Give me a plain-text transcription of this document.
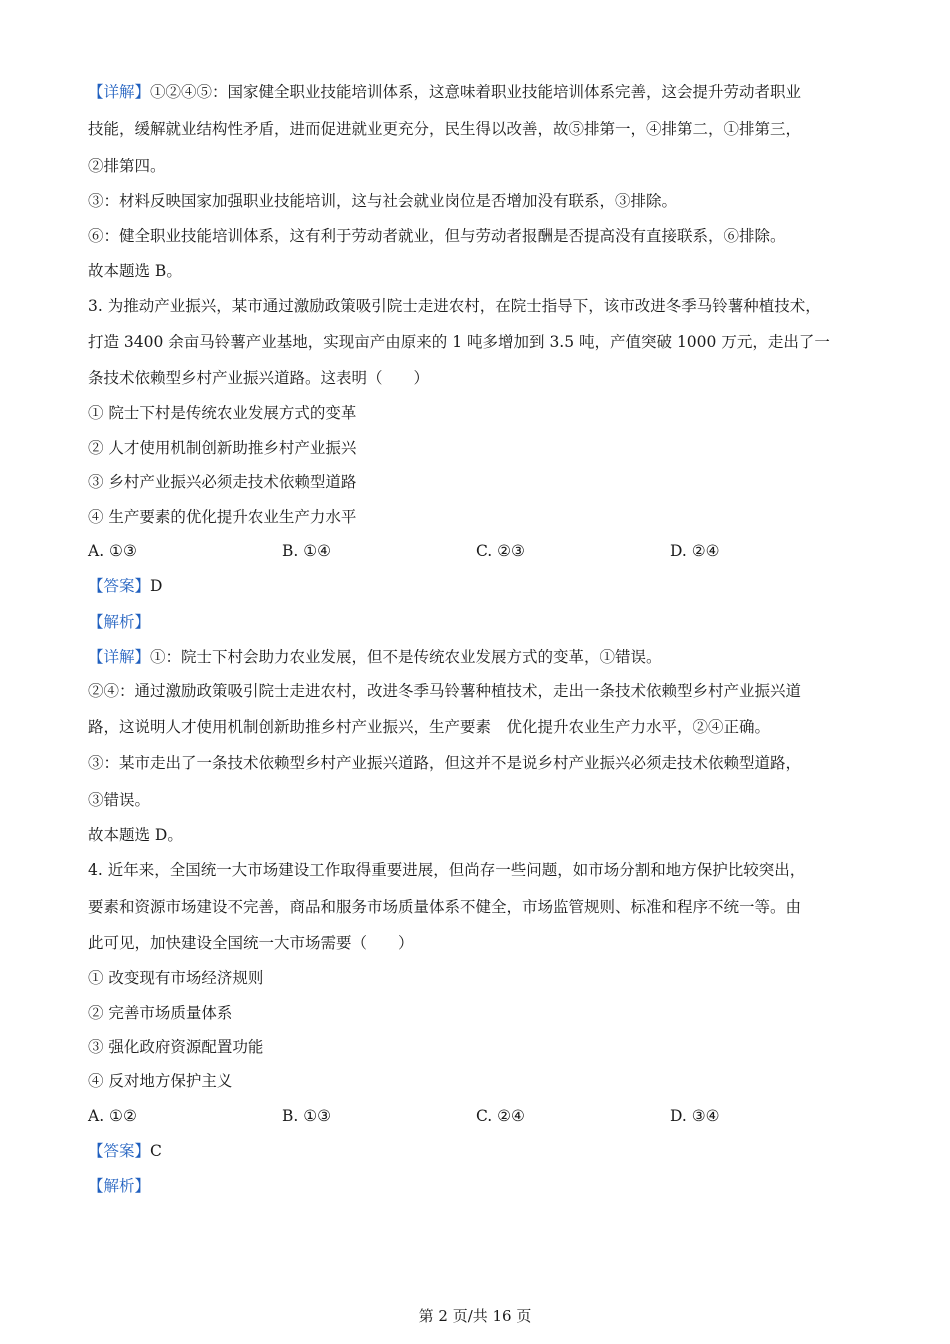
【详解】①②④⑤：国家健全职业技能培训体系，这意味着职业技能培训体系完善，这会提升劳动者职业
技能，缓解就业结构性矛盾，进而促进就业更充分，民生得以改善，故⑤排第一，④排第二，①排第三，
②排第四。
③：材料反映国家加强职业技能培训，这与社会就业岗位是否增加没有联系，③排除。
⑥：健全职业技能培训体系，这有利于劳动者就业，但与劳动者报酬是否提高没有直接联系，⑥排除。
故本题选 B。
3. 为推动产业振兴，某市通过激励政策吸引院士走进农村，在院士指导下，该市改进冬季马铃薯种植技术，
打造 3400 余亩马铃薯产业基地，实现亩产由原来的 1 吨多增加到 3.5 吨，产值突破 1000 万元，走出了一
条技术依赖型乡村产业振兴道路。这表明（　　）
① 院士下村是传统农业发展方式的变革
② 人才使用机制创新助推乡村产业振兴
③ 乡村产业振兴必须走技术依赖型道路
④ 生产要素的优化提升农业生产力水平
A. ①③	B. ①④	C. ②③	D. ②④
【答案】D
【解析】
【详解】①：院士下村会助力农业发展，但不是传统农业发展方式的变革，①错误。
②④：通过激励政策吸引院士走进农村，改进冬季马铃薯种植技术，走出一条技术依赖型乡村产业振兴道
路，这说明人才使用机制创新助推乡村产业振兴，生产要素　优化提升农业生产力水平，②④正确。
③：某市走出了一条技术依赖型乡村产业振兴道路，但这并不是说乡村产业振兴必须走技术依赖型道路，
③错误。
故本题选 D。
4. 近年来，全国统一大市场建设工作取得重要进展，但尚存一些问题，如市场分割和地方保护比较突出，
要素和资源市场建设不完善，商品和服务市场质量体系不健全，市场监管规则、标准和程序不统一等。由
此可见，加快建设全国统一大市场需要（　　）
① 改变现有市场经济规则
② 完善市场质量体系
③ 强化政府资源配置功能
④ 反对地方保护主义
A. ①②	B. ①③	C. ②④	D. ③④
【答案】C
【解析】
第 2 页/共 16 页
